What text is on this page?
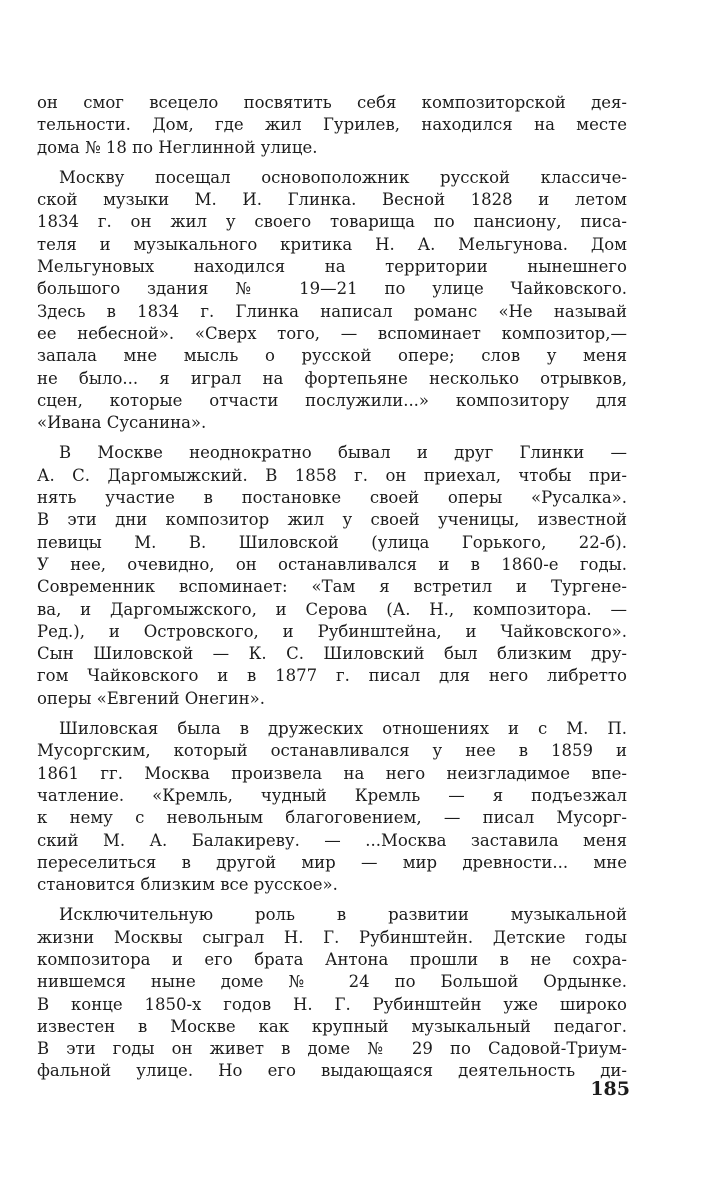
он смог всецело посвятить себя композиторской дея-
тельности. Дом, где жил Гурилев, находился на месте
дома № 18 по Неглинной улице.
Москву посещал основоположник русской классиче-
ской музыки М. И. Глинка. Весной 1828 и летом
1834 г. он жил у своего товарища по пансиону, писа-
теля и музыкального критика Н. А. Мельгунова. Дом
Мельгуновых находился на территории нынешнего
большого здания № 19—21 по улице Чайковского.
Здесь в 1834 г. Глинка написал романс «Не называй
ее небесной». «Сверх того, — вспоминает композитор,—
запала мне мысль о русской опере; слов у меня
не было... я играл на фортепьяне несколько отрывков,
сцен, которые отчасти послужили...» композитору для
«Ивана Сусанина».
В Москве неоднократно бывал и друг Глинки —
А. С. Даргомыжский. В 1858 г. он приехал, чтобы при-
нять участие в постановке своей оперы «Русалка».
В эти дни композитор жил у своей ученицы, известной
певицы М. В. Шиловской (улица Горького, 22-б).
У нее, очевидно, он останавливался и в 1860-е годы.
Современник вспоминает: «Там я встретил и Тургене-
ва, и Даргомыжского, и Серова (А. Н., композитора. —
Ред.), и Островского, и Рубинштейна, и Чайковского».
Сын Шиловской — К. С. Шиловский был близким дру-
гом Чайковского и в 1877 г. писал для него либретто
оперы «Евгений Онегин».
Шиловская была в дружеских отношениях и с М. П.
Мусоргским, который останавливался у нее в 1859 и
1861 гг. Москва произвела на него неизгладимое впе-
чатление. «Кремль, чудный Кремль — я подъезжал
к нему с невольным благоговением, — писал Мусорг-
ский М. А. Балакиреву. — ...Москва заставила меня
переселиться в другой мир — мир древности... мне
становится близким все русское».
Исключительную роль в развитии музыкальной
жизни Москвы сыграл Н. Г. Рубинштейн. Детские годы
композитора и его брата Антона прошли в не сохра-
нившемся ныне доме № 24 по Большой Ордынке.
В конце 1850-х годов Н. Г. Рубинштейн уже широко
известен в Москве как крупный музыкальный педагог.
В эти годы он живет в доме № 29 по Садовой-Триум-
фальной улице. Но его выдающаяся деятельность ди-
185
